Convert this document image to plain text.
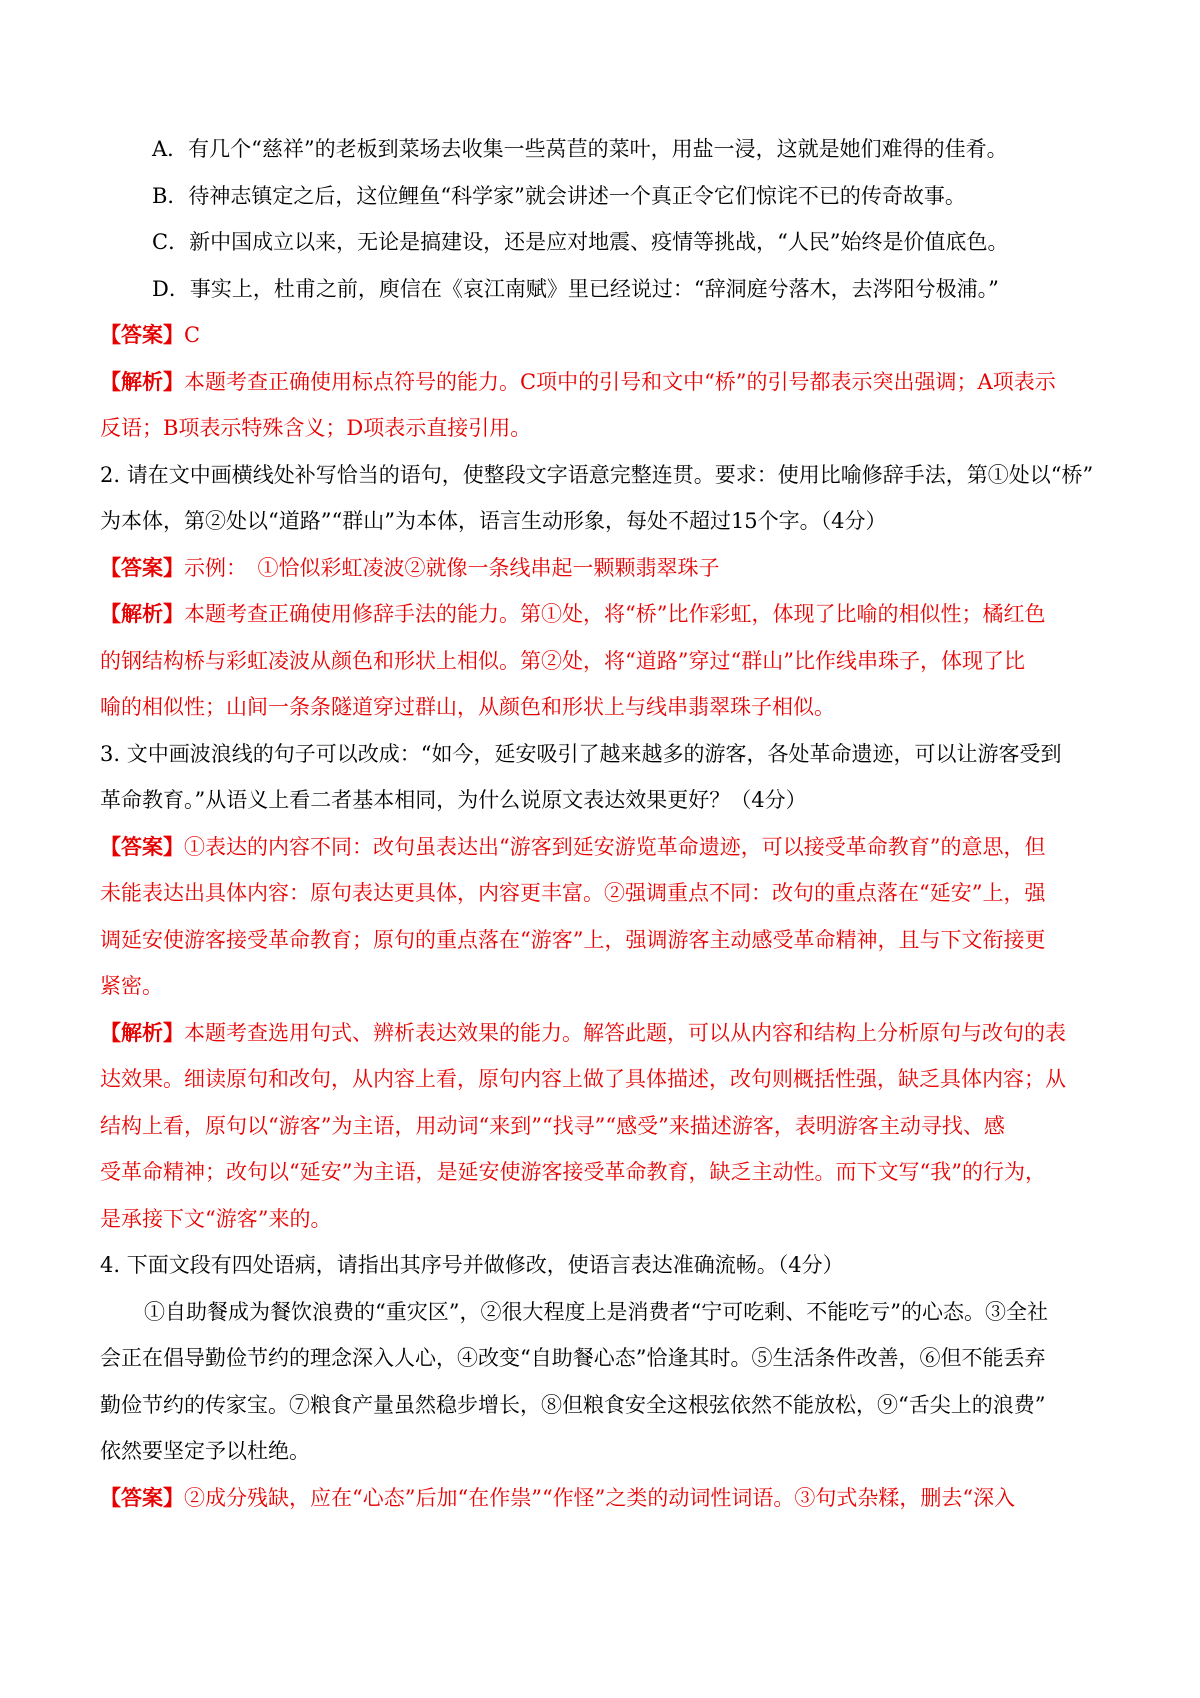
A．有几个“慈祥”的老板到菜场去收集一些莴苣的菜叶，用盐一浸，这就是她们难得的佳肴。
B．待神志镇定之后，这位鲤鱼“科学家”就会讲述一个真正令它们惊诧不已的传奇故事。
C．新中国成立以来，无论是搞建设，还是应对地震、疫情等挑战，“人民”始终是价值底色。
D．事实上，杜甫之前，庾信在《哀江南赋》里已经说过：“辞洞庭兮落木，去涔阳兮极浦。”
【答案】C
【解析】本题考查正确使用标点符号的能力。C项中的引号和文中“桥”的引号都表示突出强调；A项表示
反语；B项表示特殊含义；D项表示直接引用。
2. 请在文中画横线处补写恰当的语句，使整段文字语意完整连贯。要求：使用比喻修辞手法，第①处以“桥”
为本体，第②处以“道路”“群山”为本体，语言生动形象，每处不超过15个字。（4分）
【答案】示例：　①恰似彩虹凌波②就像一条线串起一颗颗翡翠珠子
【解析】本题考查正确使用修辞手法的能力。第①处，将“桥”比作彩虹，体现了比喻的相似性；橘红色
的钢结构桥与彩虹凌波从颜色和形状上相似。第②处，将“道路”穿过“群山”比作线串珠子，体现了比
喻的相似性；山间一条条隧道穿过群山，从颜色和形状上与线串翡翠珠子相似。
3. 文中画波浪线的句子可以改成：“如今，延安吸引了越来越多的游客，各处革命遗迹，可以让游客受到
革命教育。”从语义上看二者基本相同，为什么说原文表达效果更好？（4分）
【答案】①表达的内容不同：改句虽表达出“游客到延安游览革命遗迹，可以接受革命教育”的意思，但
未能表达出具体内容：原句表达更具体，内容更丰富。②强调重点不同：改句的重点落在“延安”上，强
调延安使游客接受革命教育；原句的重点落在“游客”上，强调游客主动感受革命精神，且与下文衔接更
紧密。
【解析】本题考查选用句式、辨析表达效果的能力。解答此题，可以从内容和结构上分析原句与改句的表
达效果。细读原句和改句，从内容上看，原句内容上做了具体描述，改句则概括性强，缺乏具体内容；从
结构上看，原句以“游客”为主语，用动词“来到”“找寻”“感受”来描述游客，表明游客主动寻找、感
受革命精神；改句以“延安”为主语，是延安使游客接受革命教育，缺乏主动性。而下文写“我”的行为，
是承接下文“游客”来的。
4. 下面文段有四处语病，请指出其序号并做修改，使语言表达准确流畅。（4分）
①自助餐成为餐饮浪费的“重灾区”，②很大程度上是消费者“宁可吃剩、不能吃亏”的心态。③全社
会正在倡导勤俭节约的理念深入人心，④改变“自助餐心态”恰逢其时。⑤生活条件改善，⑥但不能丢弃
勤俭节约的传家宝。⑦粮食产量虽然稳步增长，⑧但粮食安全这根弦依然不能放松，⑨“舌尖上的浪费”
依然要坚定予以杜绝。
【答案】②成分残缺，应在“心态”后加“在作祟”“作怪”之类的动词性词语。③句式杂糅，删去“深入
